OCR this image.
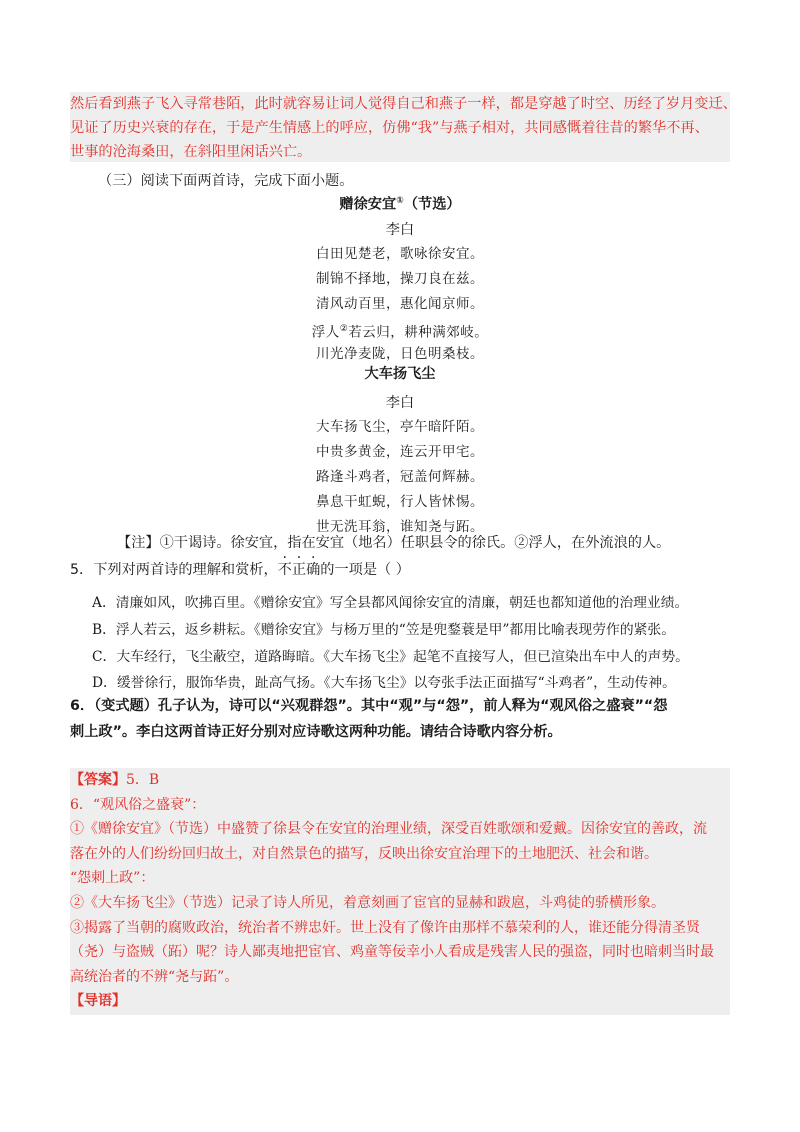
然后看到燕子飞入寻常巷陌，此时就容易让词人觉得自己和燕子一样，都是穿越了时空、历经了岁月变迁、
见证了历史兴衰的存在，于是产生情感上的呼应，仿佛“我”与燕子相对，共同感慨着往昔的繁华不再、
世事的沧海桑田，在斜阳里闲话兴亡。
（三）阅读下面两首诗，完成下面小题。
赠徐安宜①（节选）
李白
白田见楚老，歌咏徐安宜。
制锦不择地，操刀良在兹。
清风动百里，惠化闻京师。
浮人②若云归，耕种满郊岐。
川光净麦陇，日色明桑枝。
大车扬飞尘
李白
大车扬飞尘，亭午暗阡陌。
中贵多黄金，连云开甲宅。
路逢斗鸡者，冠盖何辉赫。
鼻息干虹蜺，行人皆怵惕。
世无洗耳翁，谁知尧与跖。
【注】①干谒诗。徐安宜，指在安宜（地名）任职县令的徐氏。②浮人，在外流浪的人。
5．下列对两首诗的理解和赏析，不正确的一项是（ ）
A．清廉如风，吹拂百里。《赠徐安宜》写全县都风闻徐安宜的清廉，朝廷也都知道他的治理业绩。
B．浮人若云，返乡耕耘。《赠徐安宜》与杨万里的“笠是兜鍪蓑是甲”都用比喻表现劳作的紧张。
C．大车经行，飞尘蔽空，道路晦暗。《大车扬飞尘》起笔不直接写人，但已渲染出车中人的声势。
D．缓誉徐行，服饰华贵，趾高气扬。《大车扬飞尘》以夸张手法正面描写“斗鸡者”，生动传神。
6．（变式题）孔子认为，诗可以“兴观群怨”。其中“观”与“怨”，前人释为“观风俗之盛衰”“怨
刺上政”。李白这两首诗正好分别对应诗歌这两种功能。请结合诗歌内容分析。
【答案】5．B
6．“观风俗之盛衰”：
①《赠徐安宜》（节选）中盛赞了徐县令在安宜的治理业绩，深受百姓歌颂和爱戴。因徐安宜的善政，流
落在外的人们纷纷回归故土，对自然景色的描写，反映出徐安宜治理下的土地肥沃、社会和谐。
“怨刺上政”：
②《大车扬飞尘》（节选）记录了诗人所见，着意刻画了宦官的显赫和跋扈，斗鸡徒的骄横形象。
③揭露了当朝的腐败政治，统治者不辨忠奸。世上没有了像许由那样不慕荣利的人，谁还能分得清圣贤
（尧）与盗贼（跖）呢？诗人鄙夷地把宦官、鸡童等佞幸小人看成是残害人民的强盗，同时也暗刺当时最
高统治者的不辨“尧与跖”。
【导语】
